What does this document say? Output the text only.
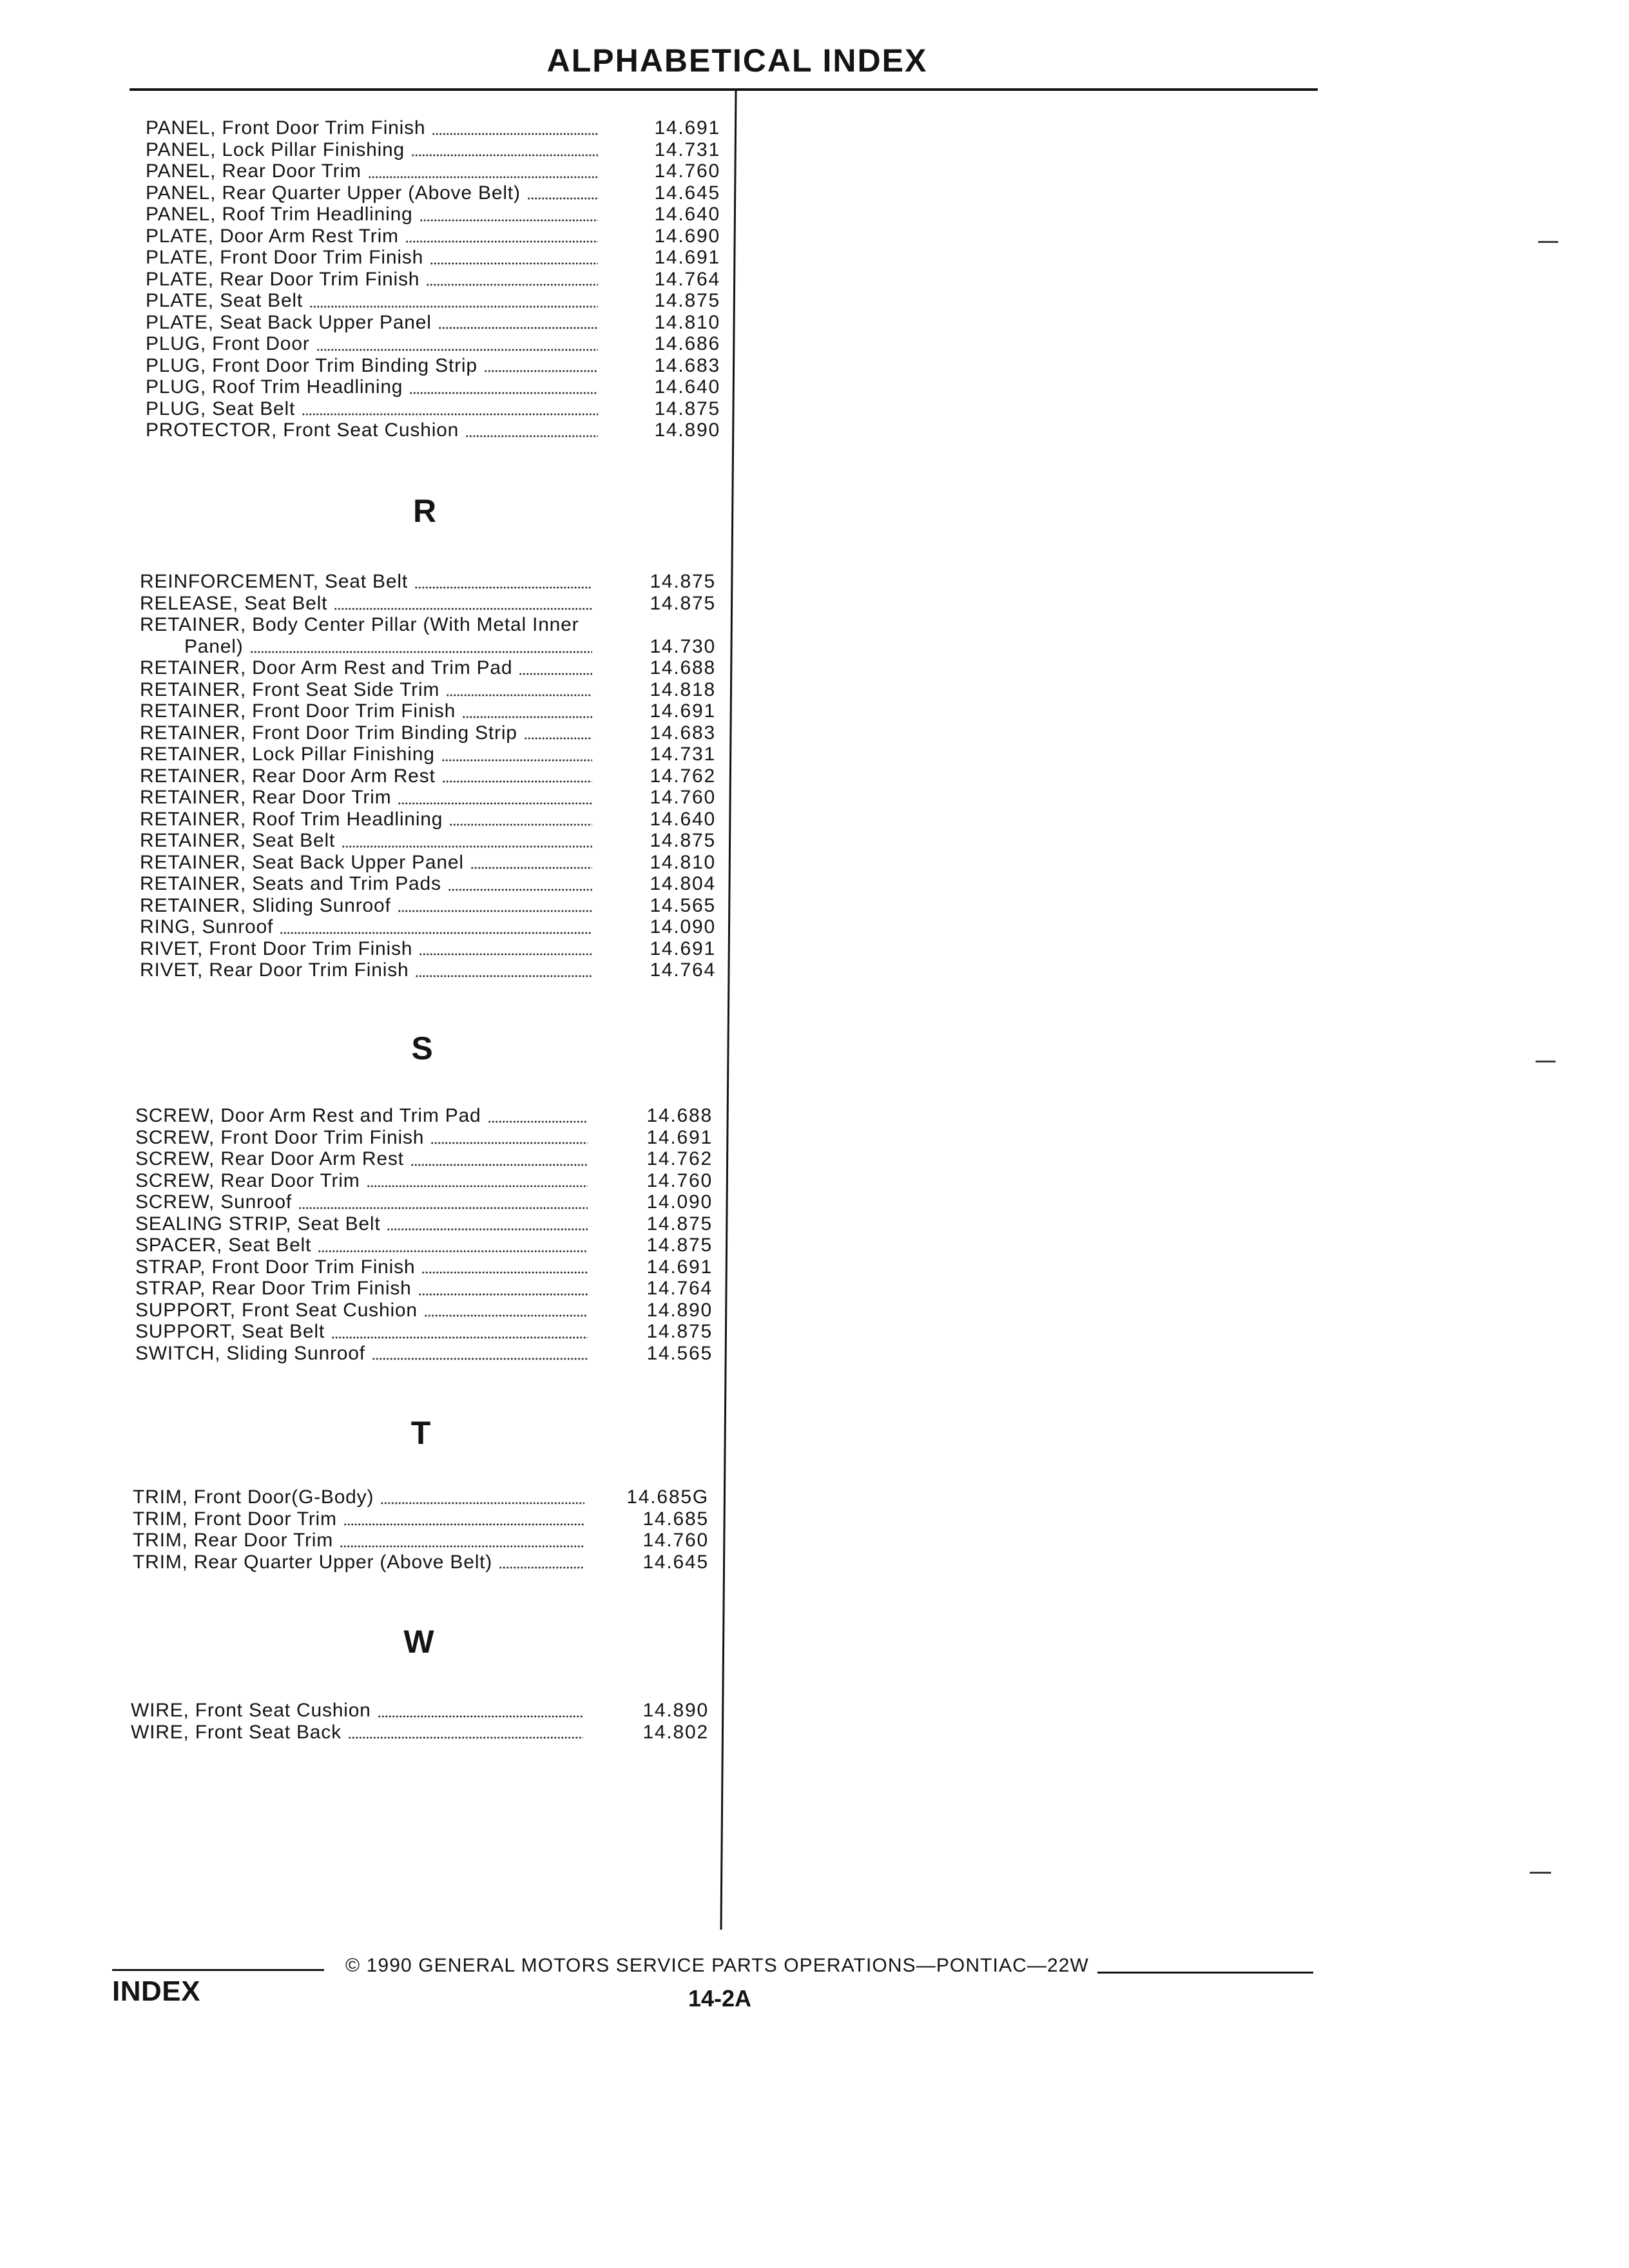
ALPHABETICAL INDEX
PANEL, Front Door Trim Finish	14.691
PANEL, Lock Pillar Finishing	14.731
PANEL, Rear Door Trim	14.760
PANEL, Rear Quarter Upper (Above Belt)	14.645
PANEL, Roof Trim Headlining	14.640
PLATE, Door Arm Rest Trim	14.690
PLATE, Front Door Trim Finish	14.691
PLATE, Rear Door Trim Finish	14.764
PLATE, Seat Belt	14.875
PLATE, Seat Back Upper Panel	14.810
PLUG, Front Door	14.686
PLUG, Front Door Trim Binding Strip	14.683
PLUG, Roof Trim Headlining	14.640
PLUG, Seat Belt	14.875
PROTECTOR, Front Seat Cushion	14.890
R
REINFORCEMENT, Seat Belt	14.875
RELEASE, Seat Belt	14.875
RETAINER, Body Center Pillar (With Metal Inner
Panel)	14.730
RETAINER, Door Arm Rest and Trim Pad	14.688
RETAINER, Front Seat Side Trim	14.818
RETAINER, Front Door Trim Finish	14.691
RETAINER, Front Door Trim Binding Strip	14.683
RETAINER, Lock Pillar Finishing	14.731
RETAINER, Rear Door Arm Rest	14.762
RETAINER, Rear Door Trim	14.760
RETAINER, Roof Trim Headlining	14.640
RETAINER, Seat Belt	14.875
RETAINER, Seat Back Upper Panel	14.810
RETAINER, Seats and Trim Pads	14.804
RETAINER, Sliding Sunroof	14.565
RING, Sunroof	14.090
RIVET, Front Door Trim Finish	14.691
RIVET, Rear Door Trim Finish	14.764
S
SCREW, Door Arm Rest and Trim Pad	14.688
SCREW, Front Door Trim Finish	14.691
SCREW, Rear Door Arm Rest	14.762
SCREW, Rear Door Trim	14.760
SCREW, Sunroof	14.090
SEALING STRIP, Seat Belt	14.875
SPACER, Seat Belt	14.875
STRAP, Front Door Trim Finish	14.691
STRAP, Rear Door Trim Finish	14.764
SUPPORT, Front Seat Cushion	14.890
SUPPORT, Seat Belt	14.875
SWITCH, Sliding Sunroof	14.565
T
TRIM, Front Door(G-Body)	14.685G
TRIM, Front Door Trim	14.685
TRIM, Rear Door Trim	14.760
TRIM, Rear Quarter Upper (Above Belt)	14.645
W
WIRE, Front Seat Cushion	14.890
WIRE, Front Seat Back	14.802
© 1990 GENERAL MOTORS SERVICE PARTS OPERATIONS—PONTIAC—22W
INDEX	14-2A
